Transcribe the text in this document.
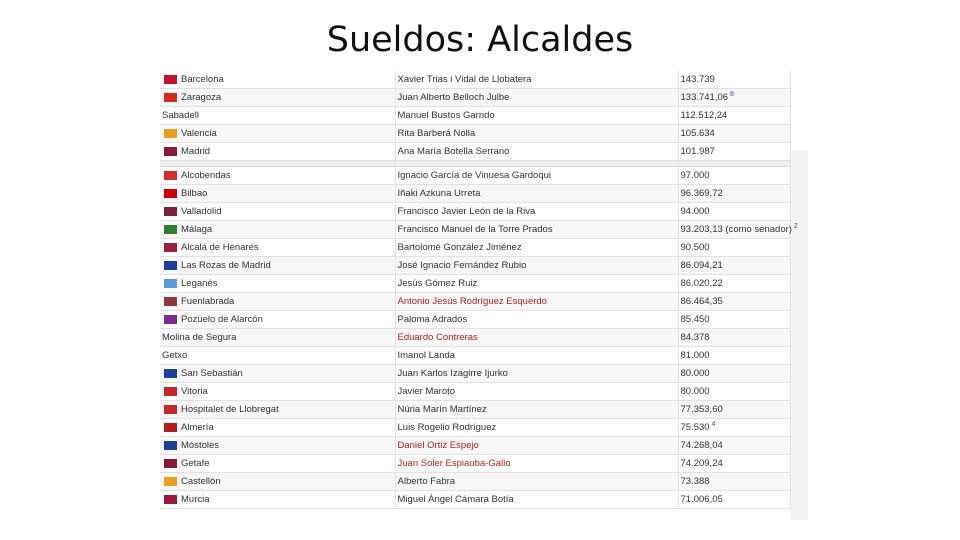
Sueldos: Alcaldes
Barcelona	Xavier Trias i Vidal de Llobatera	143.739
Zaragoza	Juan Alberto Belloch Julbe	133.741,06 $^8$
Sabadell	Manuel Bustos Garrido	112.512,24
Valencia	Rita Barberá Nolla	105.634
Madrid	Ana María Botella Serrano	101.987

Alcobendas	Ignacio García de Vinuesa Gardoqui	97.000
Bilbao	Iñaki Azkuna Urreta	96.369,72
Valladolid	Francisco Javier León de la Riva	94.000
Málaga	Francisco Manuel de la Torre Prados	93.203,13 (como senador) $^2$
Alcalá de Henares	Bartolomé González Jiménez	90.500
Las Rozas de Madrid	José Ignacio Fernández Rubio	86.094,21
Leganés	Jesús Gómez Ruiz	86.020,22
Fuenlabrada	Antonio Jesús Rodríguez Esquerdo	86.464,35
Pozuelo de Alarcón	Paloma Adrados	85.450
Molina de Segura	Eduardo Contreras	84.378
Getxo	Imanol Landa	81.000
San Sebastián	Juan Karlos Izagirre Ijurko	80.000
Vitoria	Javier Maroto	80.000
Hospitalet de Llobregat	Núria Marín Martínez	77.353,60
Almería	Luis Rogelio Rodríguez	75.530 $^4$
Móstoles	Daniel Ortiz Espejo	74.268,04
Getafe	Juan Soler Espiauba-Gallo	74.209,24
Castellón	Alberto Fabra	73.388
Murcia	Miguel Ángel Cámara Botía	71.006,05
